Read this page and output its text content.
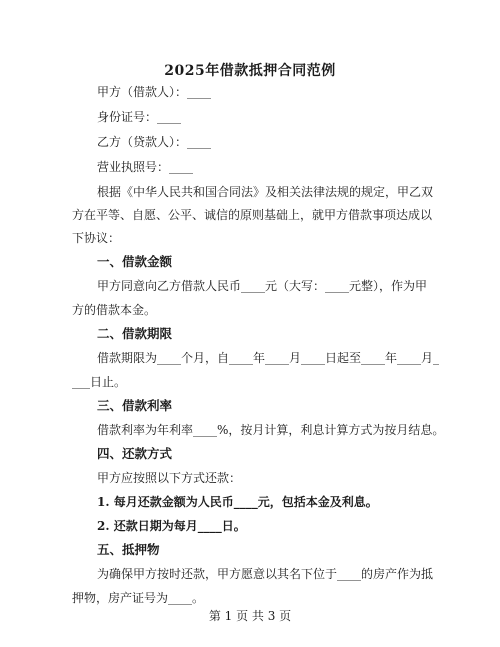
2025年借款抵押合同范例
甲方（借款人）：____
身份证号：____
乙方（贷款人）：____
营业执照号：____
根据《中华人民共和国合同法》及相关法律法规的规定，甲乙双
方在平等、自愿、公平、诚信的原则基础上，就甲方借款事项达成以
下协议：
一、借款金额
甲方同意向乙方借款人民币____元（大写：____元整），作为甲
方的借款本金。
二、借款期限
借款期限为____个月，自____年____月____日起至____年____月_
___日止。
三、借款利率
借款利率为年利率____%，按月计算，利息计算方式为按月结息。
四、还款方式
甲方应按照以下方式还款：
1. 每月还款金额为人民币____元，包括本金及利息。
2. 还款日期为每月____日。
五、抵押物
为确保甲方按时还款，甲方愿意以其名下位于____的房产作为抵
押物，房产证号为____。
第 1 页 共 3 页
